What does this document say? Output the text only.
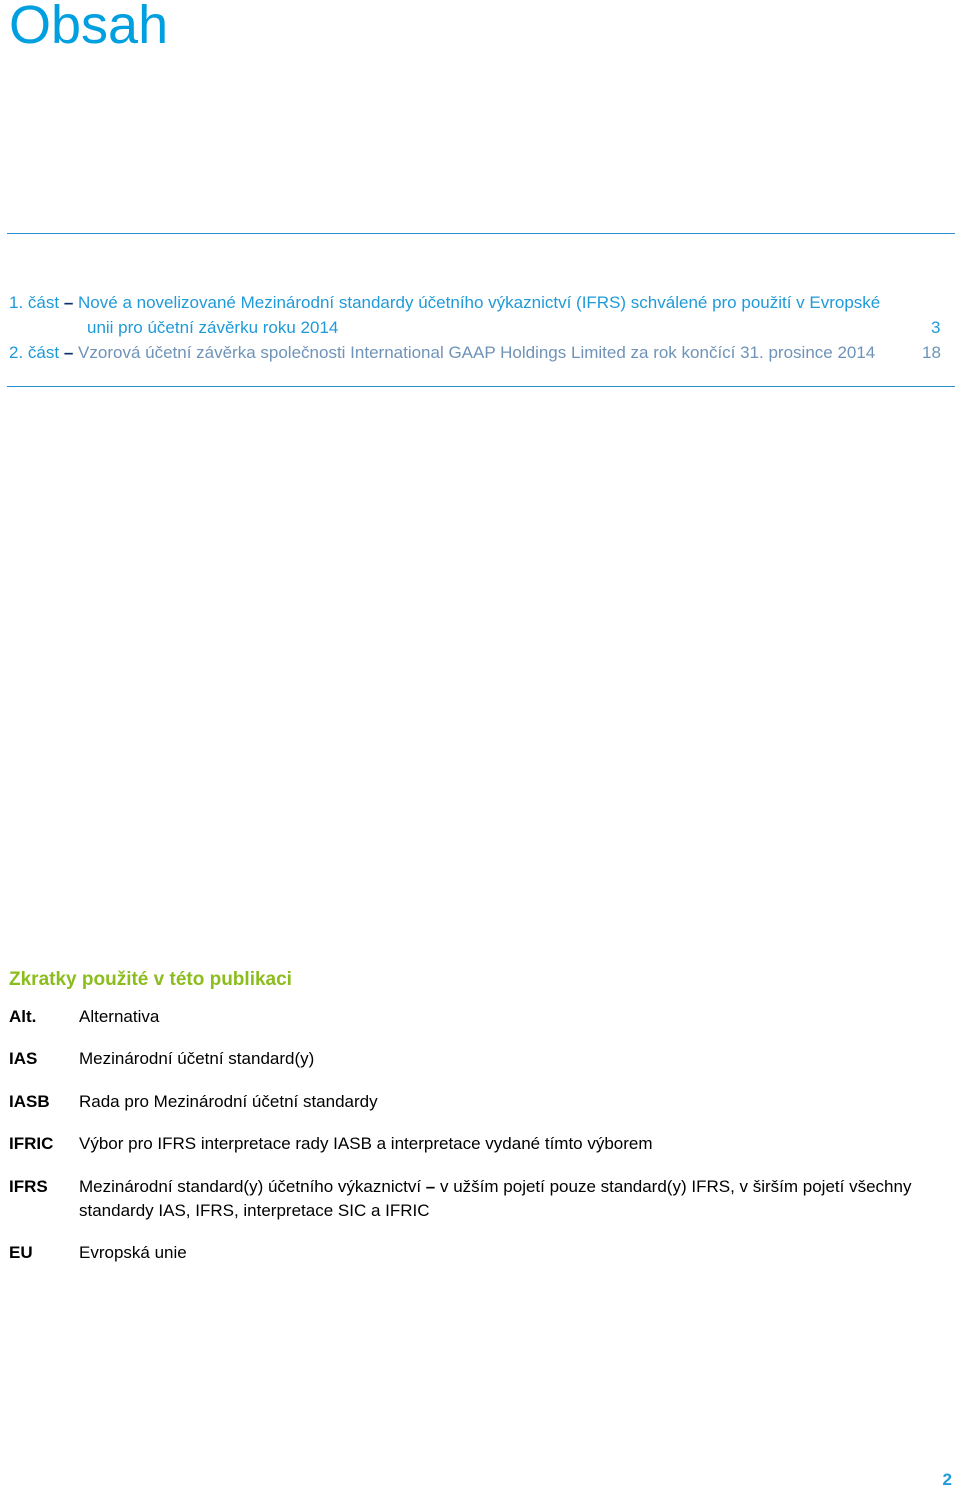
Obsah
1. část – Nové a novelizované Mezinárodní standardy účetního výkaznictví (IFRS) schválené pro použití v Evropské
unii pro účetní závěrku roku 2014	3
2. část – Vzorová účetní závěrka společnosti International GAAP Holdings Limited za rok končící 31. prosince 2014	18
Zkratky použité v této publikaci
Alt.	Alternativa
IAS Mezinárodní účetní standard(y)
IASB Rada pro Mezinárodní účetní standardy
IFRIC Výbor pro IFRS interpretace rady IASB a interpretace vydané tímto výborem
IFRS Mezinárodní standard(y) účetního výkaznictví – v užším pojetí pouze standard(y) IFRS, v širším pojetí všechny
standardy IAS, IFRS, interpretace SIC a IFRIC
EU	Evropská unie
2
